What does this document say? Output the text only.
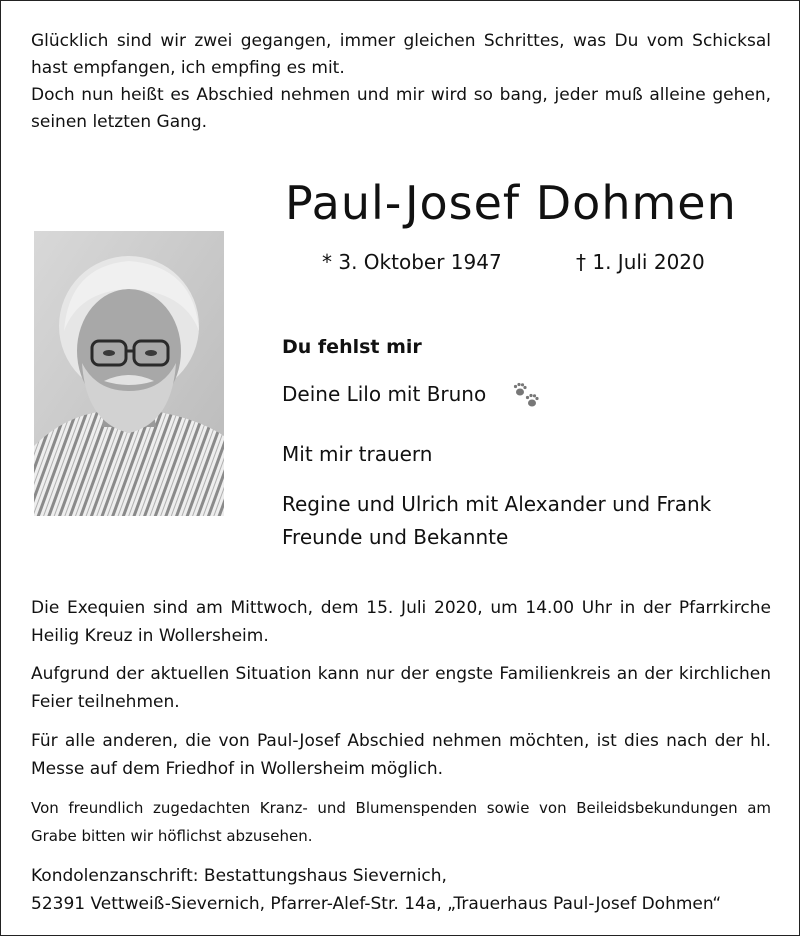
Glücklich sind wir zwei gegangen, immer gleichen Schrittes, was Du vom Schicksal hast empfangen, ich empfing es mit.

Doch nun heißt es Abschied nehmen und mir wird so bang, jeder muß alleine gehen, seinen letzten Gang.

Paul-Josef Dohmen
* 3. Oktober 1947	† 1. Juli 2020
Du fehlst mir
Deine Lilo mit Bruno
Mit mir trauern
Regine und Ulrich mit Alexander und Frank
Freunde und Bekannte
Die Exequien sind am Mittwoch, dem 15. Juli 2020, um 14.00 Uhr in der Pfarrkirche Heilig Kreuz in Wollersheim.
Aufgrund der aktuellen Situation kann nur der engste Familienkreis an der kirchlichen Feier teilnehmen.
Für alle anderen, die von Paul-Josef Abschied nehmen möchten, ist dies nach der hl. Messe auf dem Friedhof in Wollersheim möglich.
Von freundlich zugedachten Kranz- und Blumenspenden sowie von Beileidsbekundungen am Grabe bitten wir höflichst abzusehen.
Kondolenzanschrift: Bestattungshaus Sievernich,
52391 Vettweiß-Sievernich, Pfarrer-Alef-Str. 14a, „Trauerhaus Paul-Josef Dohmen“
